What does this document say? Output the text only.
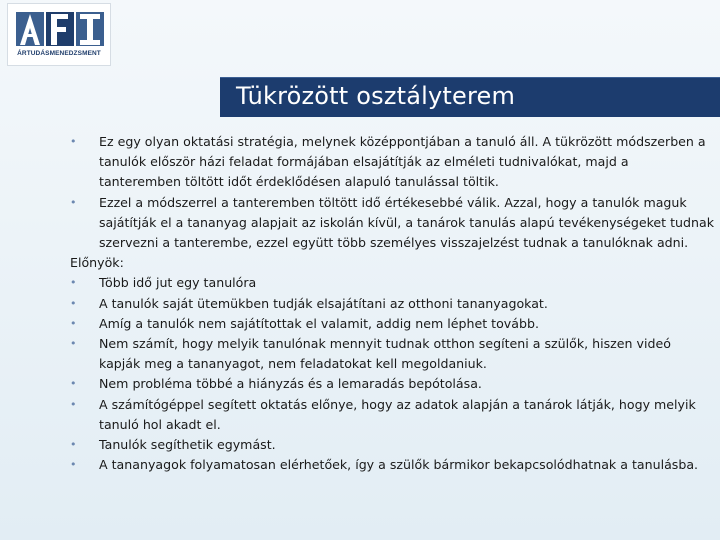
ÁRTUDÁSMENEDZSMENT
Tükrözött osztályterem
• Ez egy olyan oktatási stratégia, melynek középpontjában a tanuló áll. A tükrözött módszerben a tanulók először házi feladat formájában elsajátítják az elméleti tudnivalókat, majd a tanteremben töltött időt érdeklődésen alapuló tanulással töltik.
• Ezzel a módszerrel a tanteremben töltött idő értékesebbé válik. Azzal, hogy a tanulók maguk sajátítják el a tananyag alapjait az iskolán kívül, a tanárok tanulás alapú tevékenységeket tudnak szervezni a tanterembe, ezzel együtt több személyes visszajelzést tudnak a tanulóknak adni.
Előnyök:
• Több idő jut egy tanulóra
• A tanulók saját ütemükben tudják elsajátítani az otthoni tananyagokat.
• Amíg a tanulók nem sajátítottak el valamit, addig nem léphet tovább.
• Nem számít, hogy melyik tanulónak mennyit tudnak otthon segíteni a szülők, hiszen videó kapják meg a tananyagot, nem feladatokat kell megoldaniuk.
• Nem probléma többé a hiányzás és a lemaradás bepótolása.
• A számítógéppel segített oktatás előnye, hogy az adatok alapján a tanárok látják, hogy melyik tanuló hol akadt el.
• Tanulók segíthetik egymást.
• A tananyagok folyamatosan elérhetőek, így a szülők bármikor bekapcsolódhatnak a tanulásba.
